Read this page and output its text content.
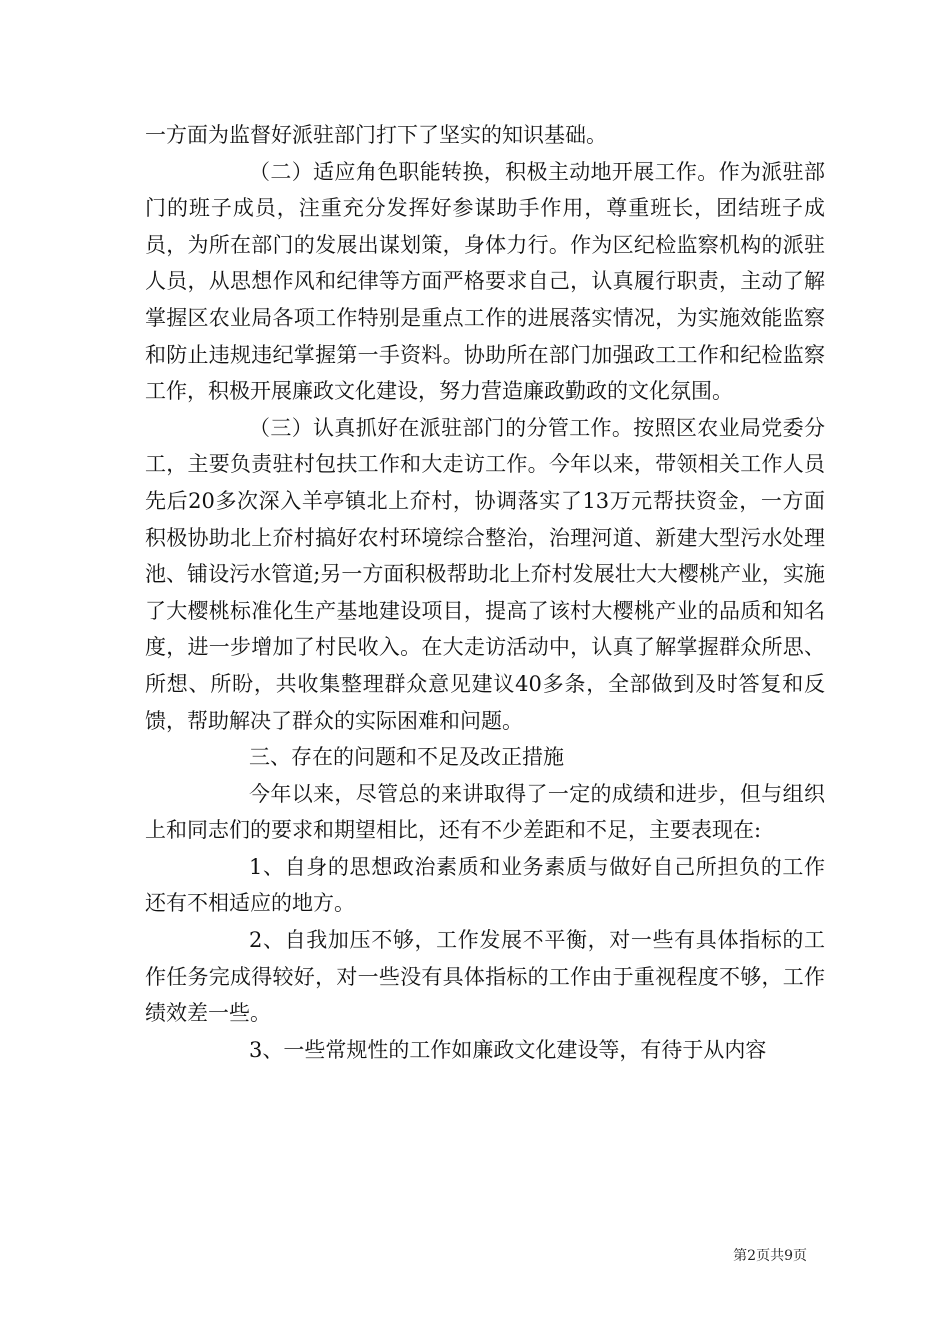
一方面为监督好派驻部门打下了坚实的知识基础。

（二）适应角色职能转换，积极主动地开展工作。作为派驻部门的班子成员，注重充分发挥好参谋助手作用，尊重班长，团结班子成员，为所在部门的发展出谋划策，身体力行。作为区纪检监察机构的派驻人员，从思想作风和纪律等方面严格要求自己，认真履行职责，主动了解掌握区农业局各项工作特别是重点工作的进展落实情况，为实施效能监察和防止违规违纪掌握第一手资料。协助所在部门加强政工工作和纪检监察工作，积极开展廉政文化建设，努力营造廉政勤政的文化氛围。

（三）认真抓好在派驻部门的分管工作。按照区农业局党委分工，主要负责驻村包扶工作和大走访工作。今年以来，带领相关工作人员先后20多次深入羊亭镇北上夼村，协调落实了13万元帮扶资金，一方面积极协助北上夼村搞好农村环境综合整治，治理河道、新建大型污水处理池、铺设污水管道;另一方面积极帮助北上夼村发展壮大大樱桃产业，实施了大樱桃标准化生产基地建设项目，提高了该村大樱桃产业的品质和知名度，进一步增加了村民收入。在大走访活动中，认真了解掌握群众所思、所想、所盼，共收集整理群众意见建议40多条，全部做到及时答复和反馈，帮助解决了群众的实际困难和问题。

三、存在的问题和不足及改正措施

今年以来，尽管总的来讲取得了一定的成绩和进步，但与组织上和同志们的要求和期望相比，还有不少差距和不足，主要表现在:

1、自身的思想政治素质和业务素质与做好自己所担负的工作还有不相适应的地方。

2、自我加压不够，工作发展不平衡，对一些有具体指标的工作任务完成得较好，对一些没有具体指标的工作由于重视程度不够，工作绩效差一些。

3、一些常规性的工作如廉政文化建设等，有待于从内容

第2页共9页
